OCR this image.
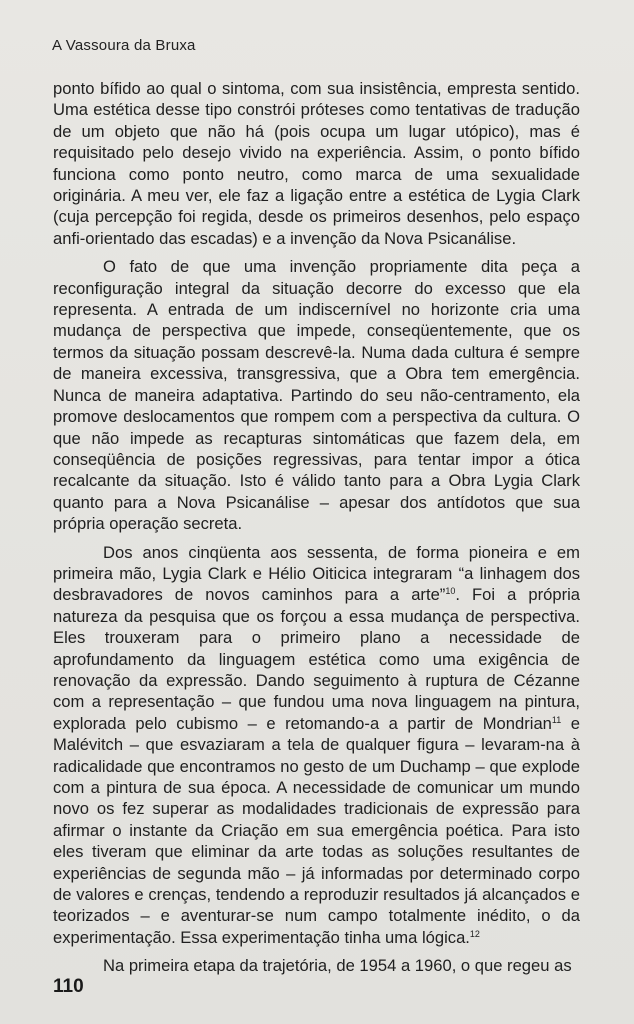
A Vassoura da Bruxa

ponto bífido ao qual o sintoma, com sua insistência, empresta sentido. Uma estética desse tipo constrói próteses como tentativas de tradução de um objeto que não há (pois ocupa um lugar utópico), mas é requisitado pelo desejo vivido na experiência. Assim, o ponto bífido funciona como ponto neutro, como marca de uma sexualidade originária. A meu ver, ele faz a ligação entre a estética de Lygia Clark (cuja percepção foi regida, desde os primeiros desenhos, pelo espaço anfi-orientado das escadas) e a invenção da Nova Psicanálise.

O fato de que uma invenção propriamente dita peça a reconfiguração integral da situação decorre do excesso que ela representa. A entrada de um indiscernível no horizonte cria uma mudança de perspectiva que impede, conseqüentemente, que os termos da situação possam descrevê-la. Numa dada cultura é sempre de maneira excessiva, transgressiva, que a Obra tem emergência. Nunca de maneira adaptativa. Partindo do seu não-centramento, ela promove deslocamentos que rompem com a perspectiva da cultura. O que não impede as recapturas sintomáticas que fazem dela, em conseqüência de posições regressivas, para tentar impor a ótica recalcante da situação. Isto é válido tanto para a Obra Lygia Clark quanto para a Nova Psicanálise – apesar dos antídotos que sua própria operação secreta.

Dos anos cinqüenta aos sessenta, de forma pioneira e em primeira mão, Lygia Clark e Hélio Oiticica integraram “a linhagem dos desbravadores de novos caminhos para a arte”$^{10}$. Foi a própria natureza da pesquisa que os forçou a essa mudança de perspectiva. Eles trouxeram para o primeiro plano a necessidade de aprofundamento da linguagem estética como uma exigência de renovação da expressão. Dando seguimento à ruptura de Cézanne com a representação – que fundou uma nova linguagem na pintura, explorada pelo cubismo – e retomando-a a partir de Mondrian$^{11}$ e Malévitch – que esvaziaram a tela de qualquer figura – levaram-na à radicalidade que encontramos no gesto de um Duchamp – que explode com a pintura de sua época. A necessidade de comunicar um mundo novo os fez superar as modalidades tradicionais de expressão para afirmar o instante da Criação em sua emergência poética. Para isto eles tiveram que eliminar da arte todas as soluções resultantes de experiências de segunda mão – já informadas por determinado corpo de valores e crenças, tendendo a reproduzir resultados já alcançados e teorizados – e aventurar-se num campo totalmente inédito, o da experimentação. Essa experimentação tinha uma lógica.$^{12}$

Na primeira etapa da trajetória, de 1954 a 1960, o que regeu as

110
